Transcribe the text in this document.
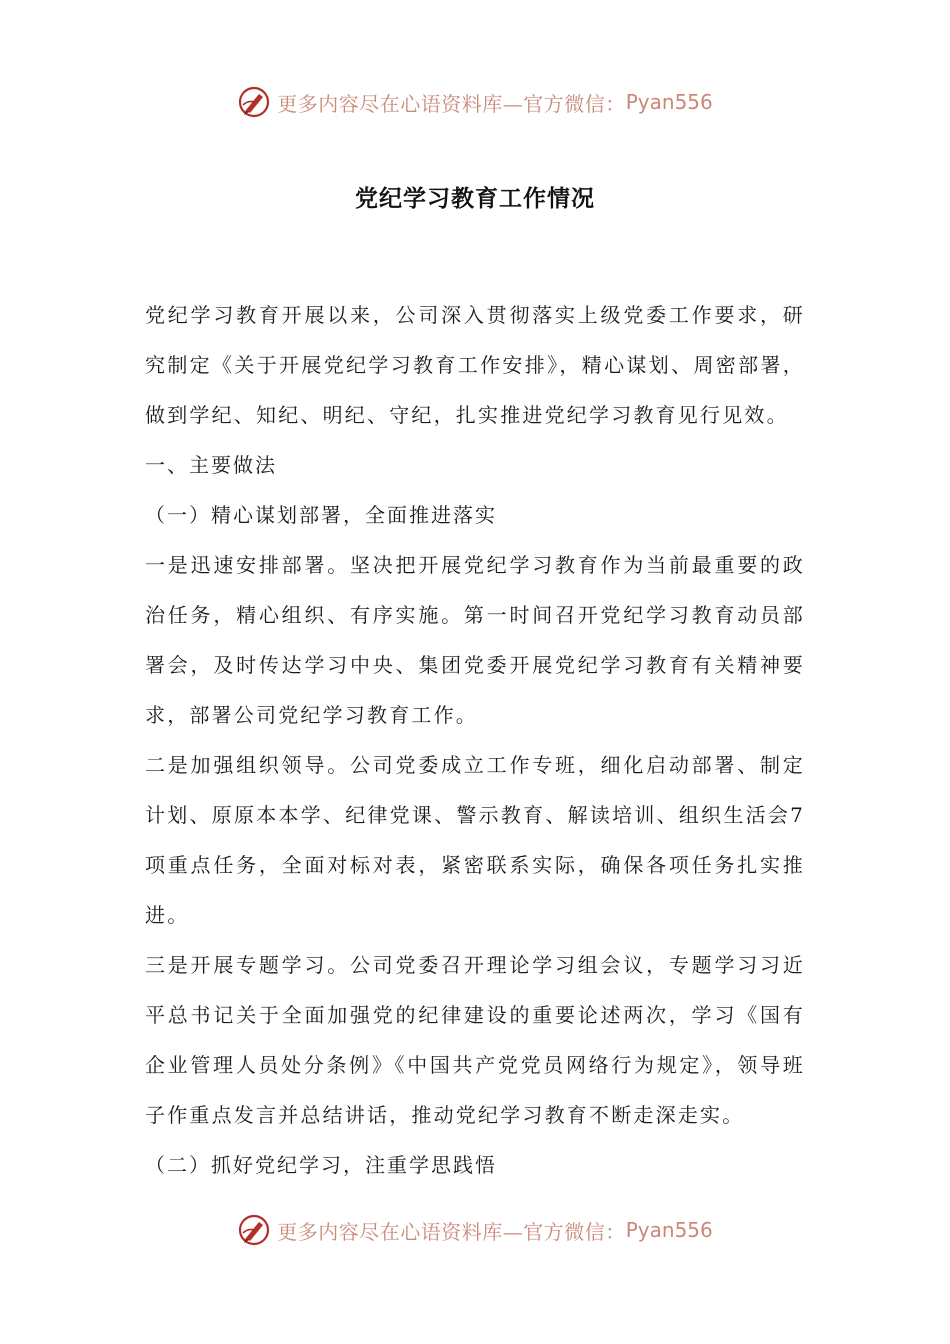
更多内容尽在心语资料库—官方微信： Pyan556
党纪学习教育工作情况

党纪学习教育开展以来，公司深入贯彻落实上级党委工作要求，研究制定《关于开展党纪学习教育工作安排》，精心谋划、周密部署，做到学纪、知纪、明纪、守纪，扎实推进党纪学习教育见行见效。

一、主要做法

（一）精心谋划部署，全面推进落实

一是迅速安排部署。坚决把开展党纪学习教育作为当前最重要的政治任务，精心组织、有序实施。第一时间召开党纪学习教育动员部署会，及时传达学习中央、集团党委开展党纪学习教育有关精神要求，部署公司党纪学习教育工作。

二是加强组织领导。公司党委成立工作专班，细化启动部署、制定计划、原原本本学、纪律党课、警示教育、解读培训、组织生活会7项重点任务，全面对标对表，紧密联系实际，确保各项任务扎实推进。

三是开展专题学习。公司党委召开理论学习组会议，专题学习习近平总书记关于全面加强党的纪律建设的重要论述两次，学习《国有企业管理人员处分条例》《中国共产党党员网络行为规定》，领导班子作重点发言并总结讲话，推动党纪学习教育不断走深走实。

（二）抓好党纪学习，注重学思践悟

更多内容尽在心语资料库—官方微信： Pyan556
